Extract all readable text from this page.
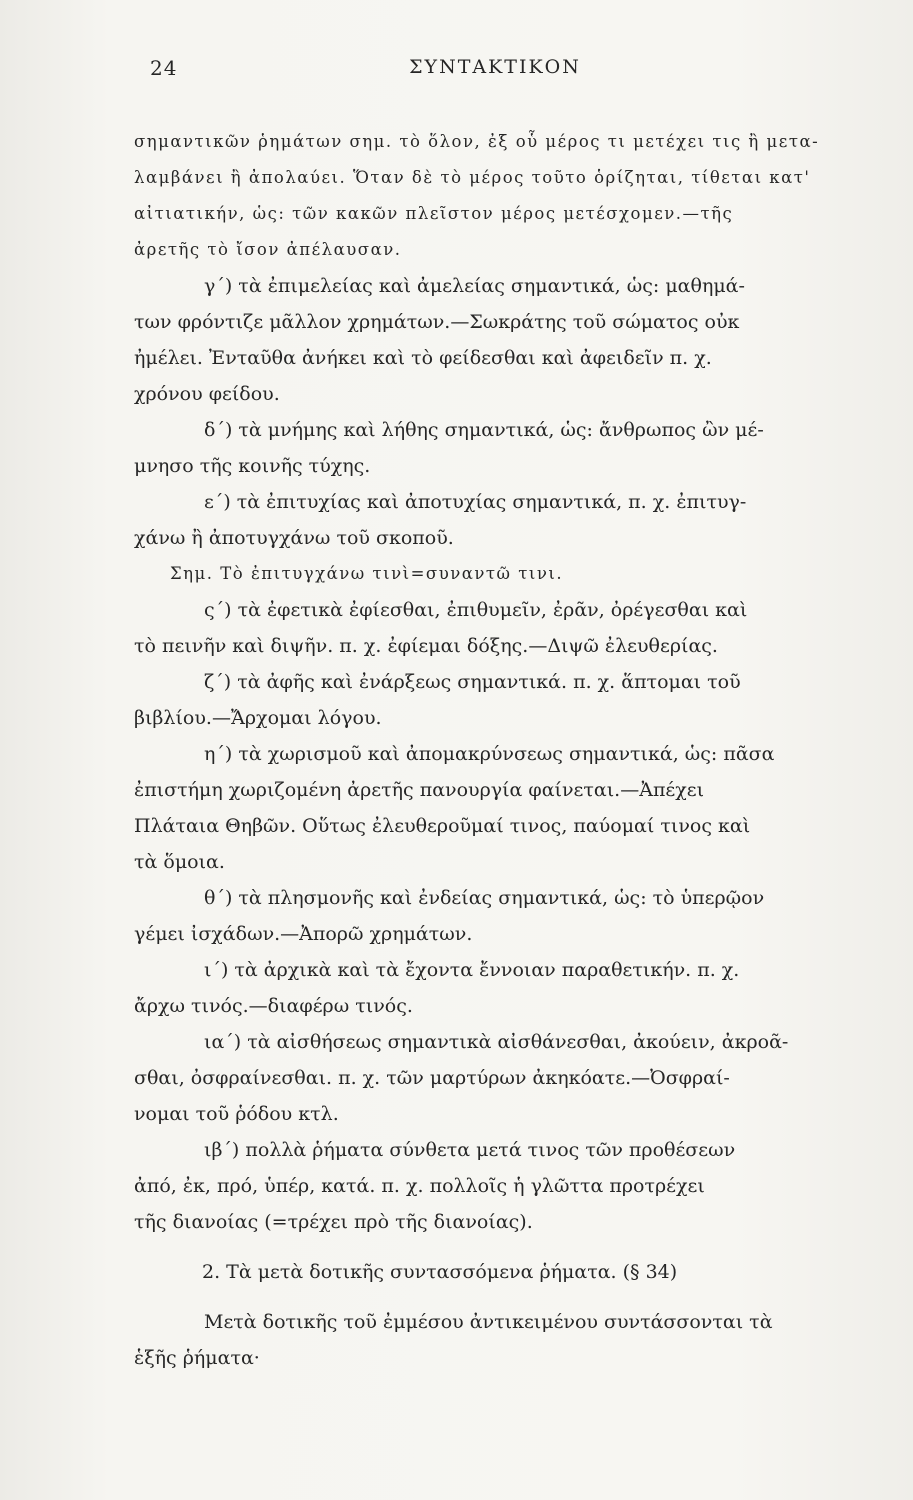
24	ΣΥΝΤΑΚΤΙΚΟΝ
σημαντικῶν ῥημάτων σημ. τὸ ὅλον, ἐξ οὗ μέρος τι μετέχει τις ἢ μετα-
λαμβάνει ἢ ἀπολαύει. Ὅταν δὲ τὸ μέρος τοῦτο ὁρίζηται, τίθεται κατ'
αἰτιατικήν, ὡς: τῶν κακῶν πλεῖστον μέρος μετέσχομεν.—τῆς
ἀρετῆς τὸ ἴσον ἀπέλαυσαν.
γ΄) τὰ ἐπιμελείας καὶ ἀμελείας σημαντικά, ὡς: μαθημά-
των φρόντιζε μᾶλλον χρημάτων.—Σωκράτης τοῦ σώματος οὐκ
ἠμέλει. Ἐνταῦθα ἀνήκει καὶ τὸ φείδεσθαι καὶ ἀφειδεῖν π. χ.
χρόνου φείδου.
δ΄) τὰ μνήμης καὶ λήθης σημαντικά, ὡς: ἄνθρωπος ὢν μέ-
μνησο τῆς κοινῆς τύχης.
ε΄) τὰ ἐπιτυχίας καὶ ἀποτυχίας σημαντικά, π. χ. ἐπιτυγ-
χάνω ἢ ἀποτυγχάνω τοῦ σκοποῦ.
Σημ. Τὸ ἐπιτυγχάνω τινὶ=συναντῶ τινι.
ς΄) τὰ ἐφετικὰ ἐφίεσθαι, ἐπιθυμεῖν, ἐρᾶν, ὀρέγεσθαι καὶ
τὸ πεινῆν καὶ διψῆν. π. χ. ἐφίεμαι δόξης.—Διψῶ ἐλευθερίας.
ζ΄) τὰ ἀφῆς καὶ ἐνάρξεως σημαντικά. π. χ. ἅπτομαι τοῦ
βιβλίου.—Ἄρχομαι λόγου.
η΄) τὰ χωρισμοῦ καὶ ἀπομακρύνσεως σημαντικά, ὡς: πᾶσα
ἐπιστήμη χωριζομένη ἀρετῆς πανουργία φαίνεται.—Ἀπέχει
Πλάταια Θηβῶν. Οὕτως ἐλευθεροῦμαί τινος, παύομαί τινος καὶ
τὰ ὅμοια.
θ΄) τὰ πλησμονῆς καὶ ἐνδείας σημαντικά, ὡς: τὸ ὑπερῷον
γέμει ἰσχάδων.—Ἀπορῶ χρημάτων.
ι΄) τὰ ἀρχικὰ καὶ τὰ ἔχοντα ἔννοιαν παραθετικήν. π. χ.
ἄρχω τινός.—διαφέρω τινός.
ια΄) τὰ αἰσθήσεως σημαντικὰ αἰσθάνεσθαι, ἀκούειν, ἀκροᾶ-
σθαι, ὀσφραίνεσθαι. π. χ. τῶν μαρτύρων ἀκηκόατε.—Ὀσφραί-
νομαι τοῦ ῥόδου κτλ.
ιβ΄) πολλὰ ῥήματα σύνθετα μετά τινος τῶν προθέσεων
ἀπό, ἐκ, πρό, ὑπέρ, κατά. π. χ. πολλοῖς ἡ γλῶττα προτρέχει
τῆς διανοίας (=τρέχει πρὸ τῆς διανοίας).
2. Τὰ μετὰ δοτικῆς συντασσόμενα ῥήματα. (§ 34)
Μετὰ δοτικῆς τοῦ ἐμμέσου ἀντικειμένου συντάσσονται τὰ
ἑξῆς ῥήματα·
